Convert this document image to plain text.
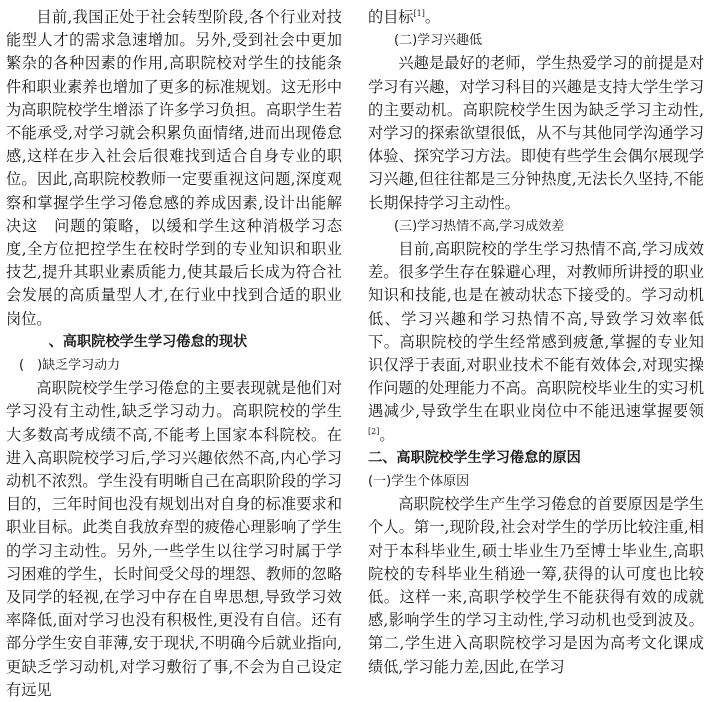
目前,我国正处于社会转型阶段,各个行业对技能型人才的需求急速增加。另外,受到社会中更加繁杂的各种因素的作用,高职院校对学生的技能条件和职业素养也增加了更多的标准规划。这无形中为高职院校学生增添了许多学习负担。高职学生若不能承受,对学习就会积累负面情绪,进而出现倦怠感,这样在步入社会后很难找到适合自身专业的职位。因此,高职院校教师一定要重视这问题,深度观察和掌握学生学习倦怠感的养成因素,设计出能解决这　问题的策略，以缓和学生这种消极学习态度,全方位把控学生在校时学到的专业知识和职业技艺,提升其职业素质能力,使其最后长成为符合社会发展的高质量型人才,在行业中找到合适的职业岗位。

、高职院校学生学习倦怠的现状

(　)缺乏学习动力

高职院校学生学习倦怠的主要表现就是他们对学习没有主动性,缺乏学习动力。高职院校的学生大多数高考成绩不高,不能考上国家本科院校。在进入高职院校学习后,学习兴趣依然不高,内心学习动机不浓烈。学生没有明晰自己在高职阶段的学习目的，三年时间也没有规划出对自身的标准要求和职业目标。此类自我放弃型的疲倦心理影响了学生的学习主动性。另外,一些学生以往学习时属于学习困难的学生，长时间受父母的埋怨、教师的忽略及同学的轻视,在学习中存在自卑思想,导致学习效率降低,面对学习也没有积极性,更没有自信。还有部分学生安自菲薄,安于现状,不明确今后就业指向,更缺乏学习动机,对学习敷衍了事,不会为自己设定有远见

的目标[1]。

(二)学习兴趣低

兴趣是最好的老师，学生热爱学习的前提是对学习有兴趣，对学习科目的兴趣是支持大学生学习的主要动机。高职院校学生因为缺乏学习主动性,对学习的探索欲望很低，从不与其他同学沟通学习体验、探究学习方法。即使有些学生会偶尔展现学习兴趣,但往往都是三分钟热度,无法长久坚持,不能长期保持学习主动性。

(三)学习热情不高,学习成效差

目前,高职院校的学生学习热情不高,学习成效差。很多学生存在躲避心理，对教师所讲授的职业知识和技能,也是在被动状态下接受的。学习动机低、学习兴趣和学习热情不高,导致学习效率低下。高职院校的学生经常感到疲惫,掌握的专业知识仅浮于表面,对职业技术不能有效体会,对现实操作问题的处理能力不高。高职院校毕业生的实习机遇减少,导致学生在职业岗位中不能迅速掌握要领[2]。

二、高职院校学生学习倦怠的原因

(一)学生个体原因

高职院校学生产生学习倦怠的首要原因是学生个人。第一,现阶段,社会对学生的学历比较注重,相对于本科毕业生,硕士毕业生乃至博士毕业生,高职院校的专科毕业生稍逊一筹,获得的认可度也比较低。这样一来,高职学校学生不能获得有效的成就感,影响学生的学习主动性,学习动机也受到波及。第二,学生进入高职院校学习是因为高考文化课成绩低,学习能力差,因此,在学习
